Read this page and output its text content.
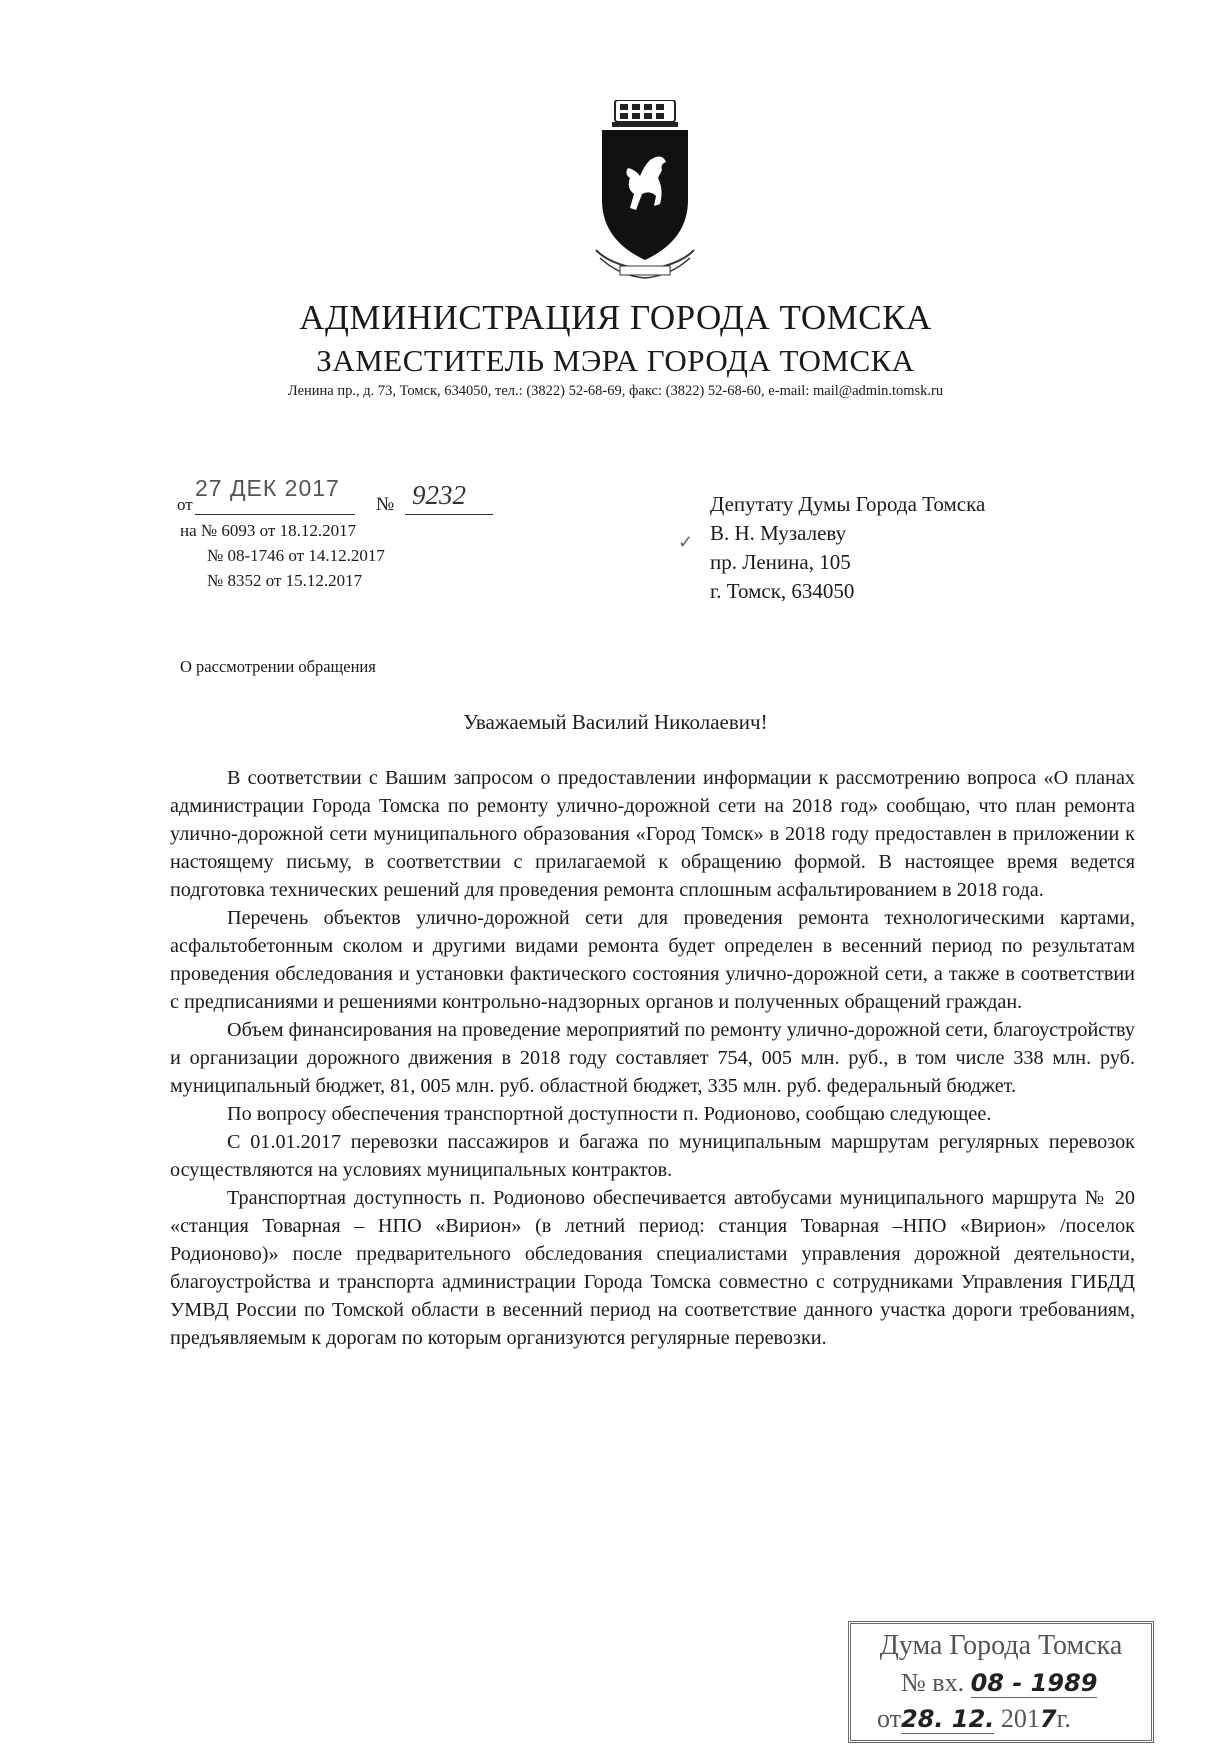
АДМИНИСТРАЦИЯ ГОРОДА ТОМСКА
ЗАМЕСТИТЕЛЬ МЭРА ГОРОДА ТОМСКА
Ленина пр., д. 73, Томск, 634050, тел.: (3822) 52-68-69, факс: (3822) 52-68-60, e-mail: mail@admin.tomsk.ru
от
27 ДЕК 2017
№ 9232
на № 6093 от 18.12.2017
№ 08-1746 от 14.12.2017
№ 8352 от 15.12.2017
✓
Депутату Думы Города Томска
В. Н. Музалеву
пр. Ленина, 105
г. Томск, 634050
О рассмотрении обращения
Уважаемый Василий Николаевич!

В соответствии с Вашим запросом о предоставлении информации к рассмотрению вопроса «О планах администрации Города Томска по ремонту улично-дорожной сети на 2018 год» сообщаю, что план ремонта улично-дорожной сети муниципального образования «Город Томск» в 2018 году предоставлен в приложении к настоящему письму, в соответствии с прилагаемой к обращению формой. В настоящее время ведется подготовка технических решений для проведения ремонта сплошным асфальтированием в 2018 года.

Перечень объектов улично-дорожной сети для проведения ремонта технологическими картами, асфальтобетонным сколом и другими видами ремонта будет определен в весенний период по результатам проведения обследования и установки фактического состояния улично-дорожной сети, а также в соответствии с предписаниями и решениями контрольно-надзорных органов и полученных обращений граждан.

Объем финансирования на проведение мероприятий по ремонту улично-дорожной сети, благоустройству и организации дорожного движения в 2018 году составляет 754, 005 млн. руб., в том числе 338 млн. руб. муниципальный бюджет, 81, 005 млн. руб. областной бюджет, 335 млн. руб. федеральный бюджет.

По вопросу обеспечения транспортной доступности п. Родионово, сообщаю следующее.

С 01.01.2017 перевозки пассажиров и багажа по муниципальным маршрутам регулярных перевозок осуществляются на условиях муниципальных контрактов.

Транспортная доступность п. Родионово обеспечивается автобусами муниципального маршрута № 20 «станция Товарная – НПО «Вирион» (в летний период: станция Товарная –НПО «Вирион» /поселок Родионово)» после предварительного обследования специалистами управления дорожной деятельности, благоустройства и транспорта администрации Города Томска совместно с сотрудниками Управления ГИБДД УМВД России по Томской области в весенний период на соответствие данного участка дороги требованиям, предъявляемым к дорогам по которым организуются регулярные перевозки.

Дума Города Томска
№ вх. 08 - 1989
от28. 12. 2017г.
